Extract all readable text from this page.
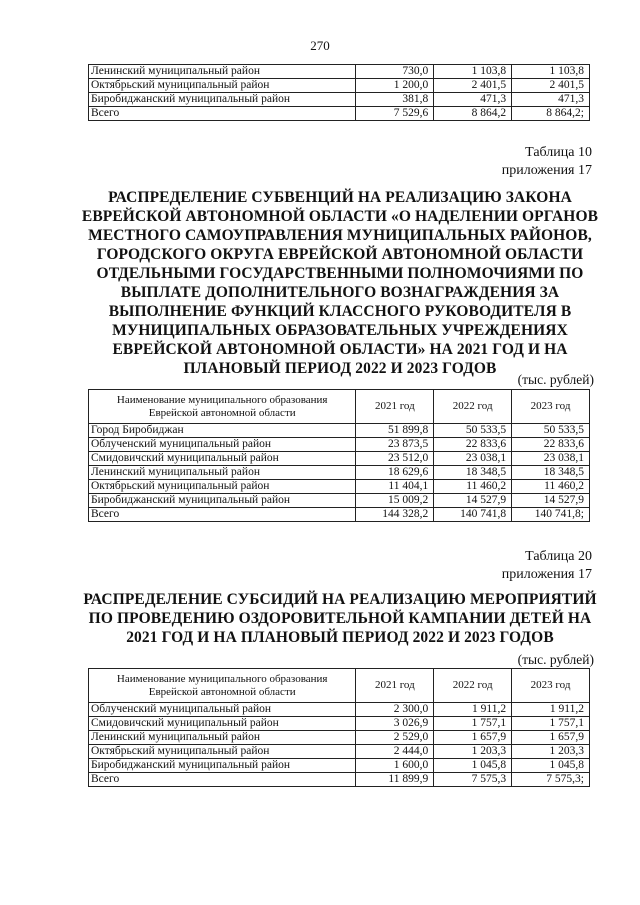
270
Ленинский муниципальный район	730,0	1 103,8	1 103,8
Октябрьский муниципальный район	1 200,0	2 401,5	2 401,5
Биробиджанский муниципальный район	381,8	471,3	471,3
Всего	7 529,6	8 864,2	8 864,2;
Таблица 10
приложения 17
РАСПРЕДЕЛЕНИЕ СУБВЕНЦИЙ НА РЕАЛИЗАЦИЮ ЗАКОНА ЕВРЕЙСКОЙ АВТОНОМНОЙ ОБЛАСТИ «О НАДЕЛЕНИИ ОРГАНОВ МЕСТНОГО САМОУПРАВЛЕНИЯ МУНИЦИПАЛЬНЫХ РАЙОНОВ, ГОРОДСКОГО ОКРУГА ЕВРЕЙСКОЙ АВТОНОМНОЙ ОБЛАСТИ ОТДЕЛЬНЫМИ ГОСУДАРСТВЕННЫМИ ПОЛНОМОЧИЯМИ ПО ВЫПЛАТЕ ДОПОЛНИТЕЛЬНОГО ВОЗНАГРАЖДЕНИЯ ЗА ВЫПОЛНЕНИЕ ФУНКЦИЙ КЛАССНОГО РУКОВОДИТЕЛЯ В МУНИЦИПАЛЬНЫХ ОБРАЗОВАТЕЛЬНЫХ УЧРЕЖДЕНИЯХ ЕВРЕЙСКОЙ АВТОНОМНОЙ ОБЛАСТИ» НА 2021 ГОД И НА ПЛАНОВЫЙ ПЕРИОД 2022 И 2023 ГОДОВ
(тыс. рублей)
Наименование муниципального образования Еврейской автономной области	2021 год	2022 год	2023 год
Город Биробиджан	51 899,8	50 533,5	50 533,5
Облученский муниципальный район	23 873,5	22 833,6	22 833,6
Смидовичский муниципальный район	23 512,0	23 038,1	23 038,1
Ленинский муниципальный район	18 629,6	18 348,5	18 348,5
Октябрьский муниципальный район	11 404,1	11 460,2	11 460,2
Биробиджанский муниципальный район	15 009,2	14 527,9	14 527,9
Всего	144 328,2	140 741,8	140 741,8;
Таблица 20
приложения 17
РАСПРЕДЕЛЕНИЕ СУБСИДИЙ НА РЕАЛИЗАЦИЮ МЕРОПРИЯТИЙ ПО ПРОВЕДЕНИЮ ОЗДОРОВИТЕЛЬНОЙ КАМПАНИИ ДЕТЕЙ НА 2021 ГОД И НА ПЛАНОВЫЙ ПЕРИОД 2022 И 2023 ГОДОВ
(тыс. рублей)
Наименование муниципального образования Еврейской автономной области	2021 год	2022 год	2023 год
Облученский муниципальный район	2 300,0	1 911,2	1 911,2
Смидовичский муниципальный район	3 026,9	1 757,1	1 757,1
Ленинский муниципальный район	2 529,0	1 657,9	1 657,9
Октябрьский муниципальный район	2 444,0	1 203,3	1 203,3
Биробиджанский муниципальный район	1 600,0	1 045,8	1 045,8
Всего	11 899,9	7 575,3	7 575,3;
